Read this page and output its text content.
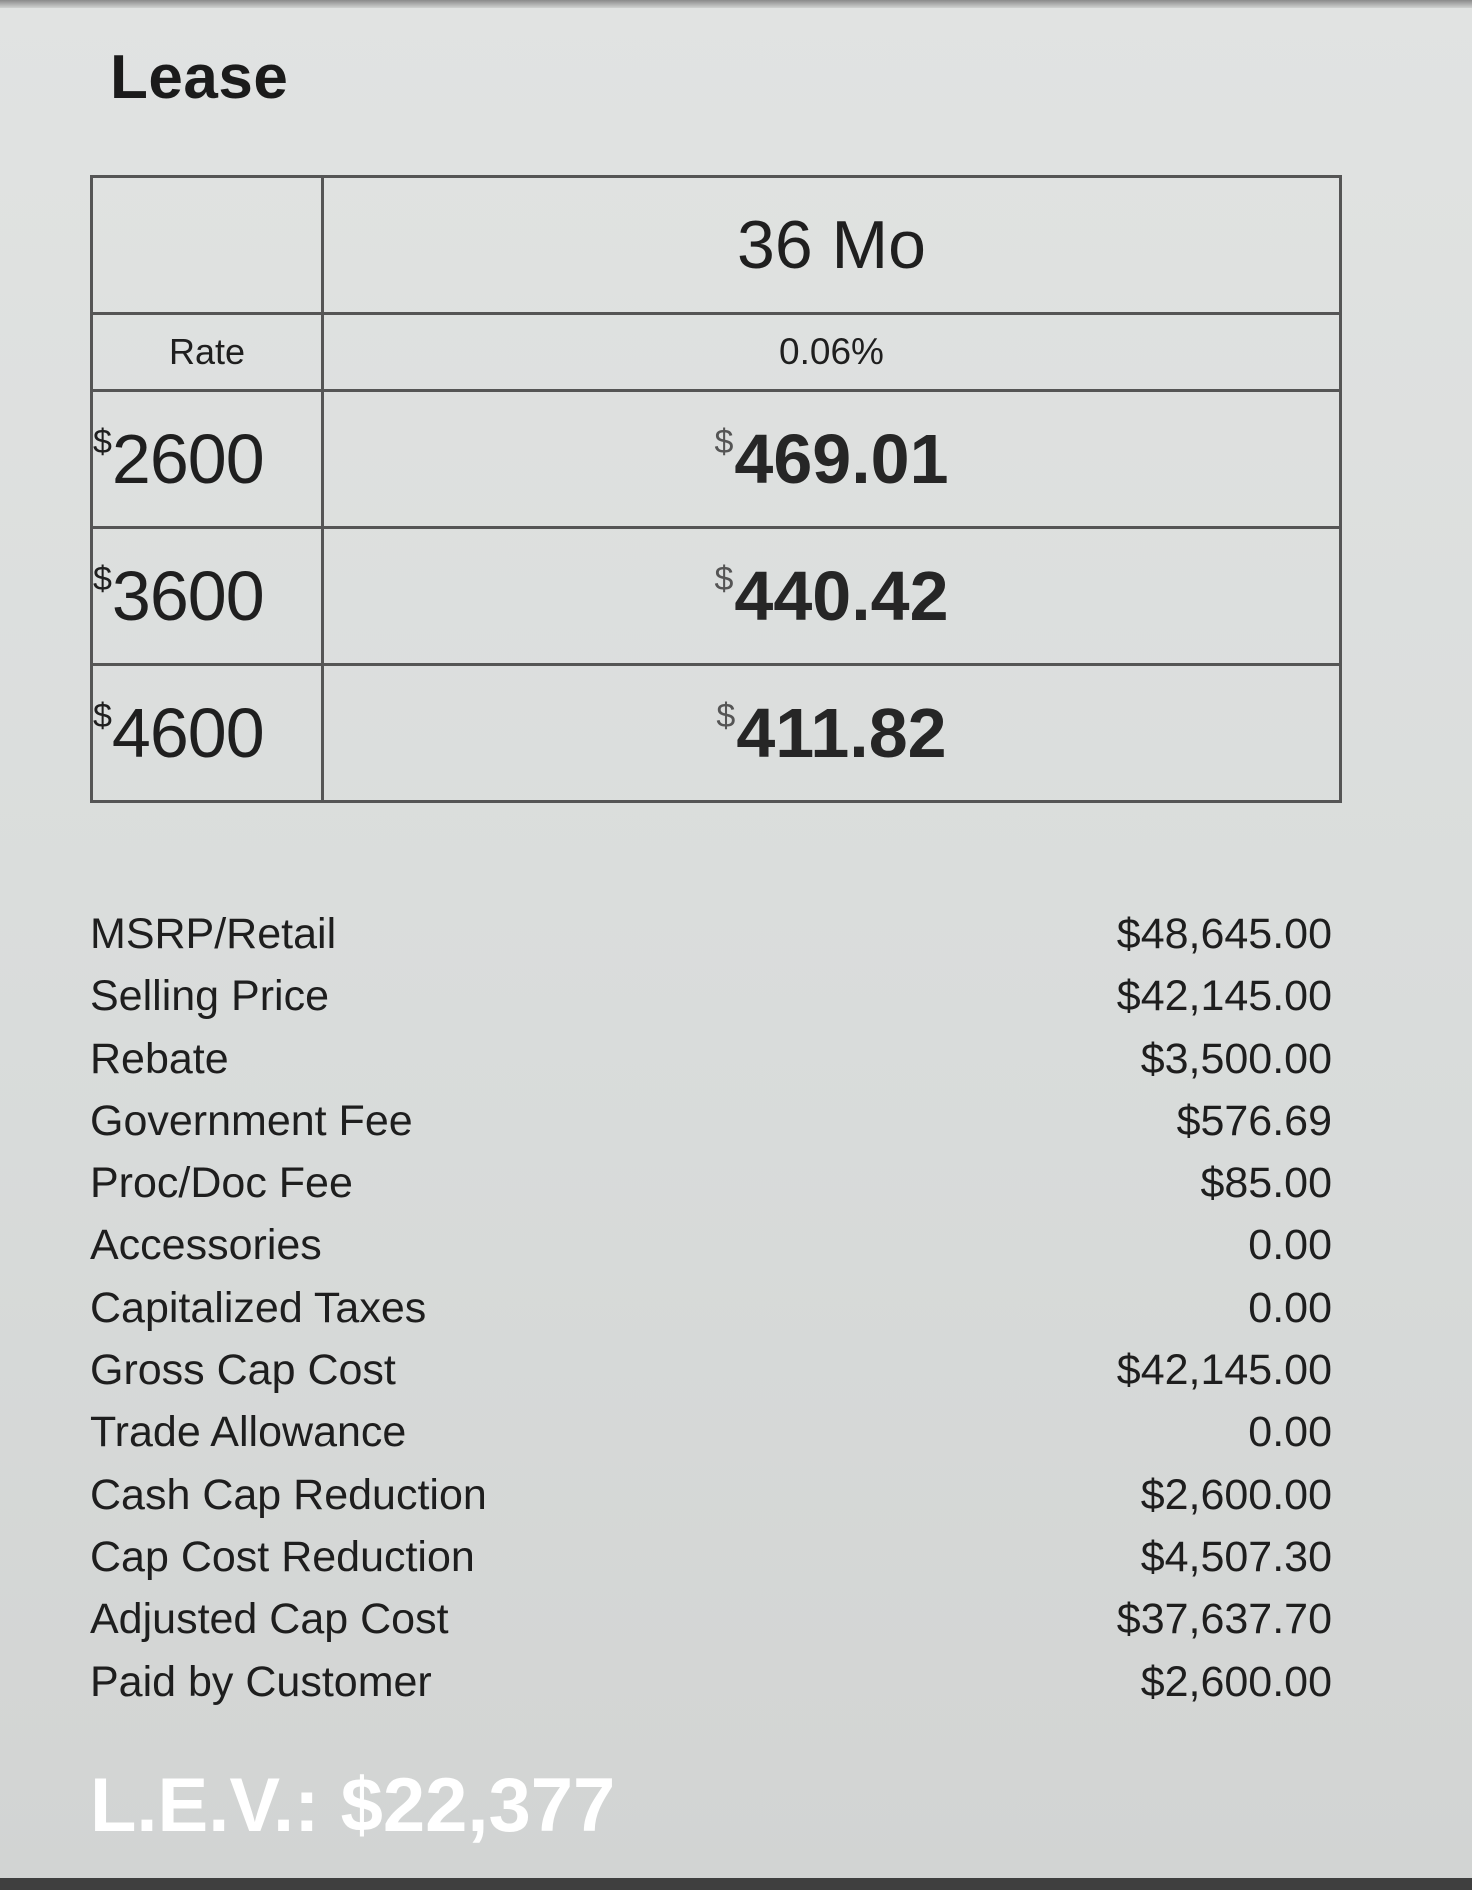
Lease
	36 Mo
Rate	0.06%
$2600	$469.01
$3600	$440.42
$4600	$411.82
MSRP/Retail	$48,645.00
Selling Price	$42,145.00
Rebate	$3,500.00
Government Fee	$576.69
Proc/Doc Fee	$85.00
Accessories	0.00
Capitalized Taxes	0.00
Gross Cap Cost	$42,145.00
Trade Allowance	0.00
Cash Cap Reduction	$2,600.00
Cap Cost Reduction	$4,507.30
Adjusted Cap Cost	$37,637.70
Paid by Customer	$2,600.00
L.E.V.: $22,377
